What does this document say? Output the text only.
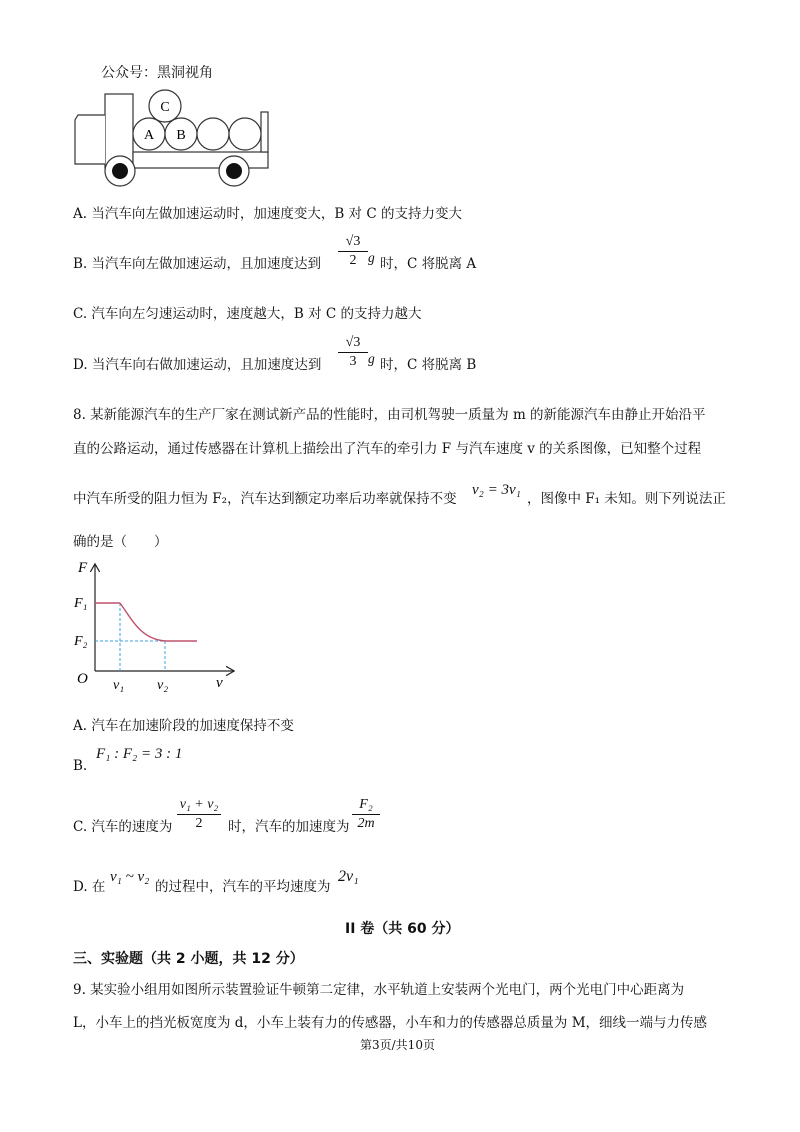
C
A B
公众号：黑洞视角
A. 当汽车向左做加速运动时，加速度变大，B 对 C 的支持力变大
B. 当汽车向左做加速运动，且加速度达到
√3
2 g 时，C 将脱离 A
C. 汽车向左匀速运动时，速度越大，B 对 C 的支持力越大
D. 当汽车向右做加速运动，且加速度达到
√3
3 g 时，C 将脱离 B
8. 某新能源汽车的生产厂家在测试新产品的性能时，由司机驾驶一质量为 m 的新能源汽车由静止开始沿平
直的公路运动，通过传感器在计算机上描绘出了汽车的牵引力 F 与汽车速度 v 的关系图像，已知整个过程
中汽车所受的阻力恒为 F₂，汽车达到额定功率后功率就保持不变
v₂ = 3v₁
，图像中 F₁ 未知。则下列说法正
确的是（　　）
F
O	v
F₁
F₂
v₁ v₂
A. 汽车在加速阶段的加速度保持不变
F₁ : F₂ = 3 : 1
B.
C. 汽车的速度为
v₁ + v₂
2	时，汽车的加速度为
F₂
2m
D. 在
v₁ ~ v₂
的过程中，汽车的平均速度为
2v₁
II 卷（共 60 分）
三、实验题（共 2 小题，共 12 分）
9. 某实验小组用如图所示装置验证牛顿第二定律，水平轨道上安装两个光电门，两个光电门中心距离为
L，小车上的挡光板宽度为 d，小车上装有力的传感器，小车和力的传感器总质量为 M，细线一端与力传感
第3页/共10页
